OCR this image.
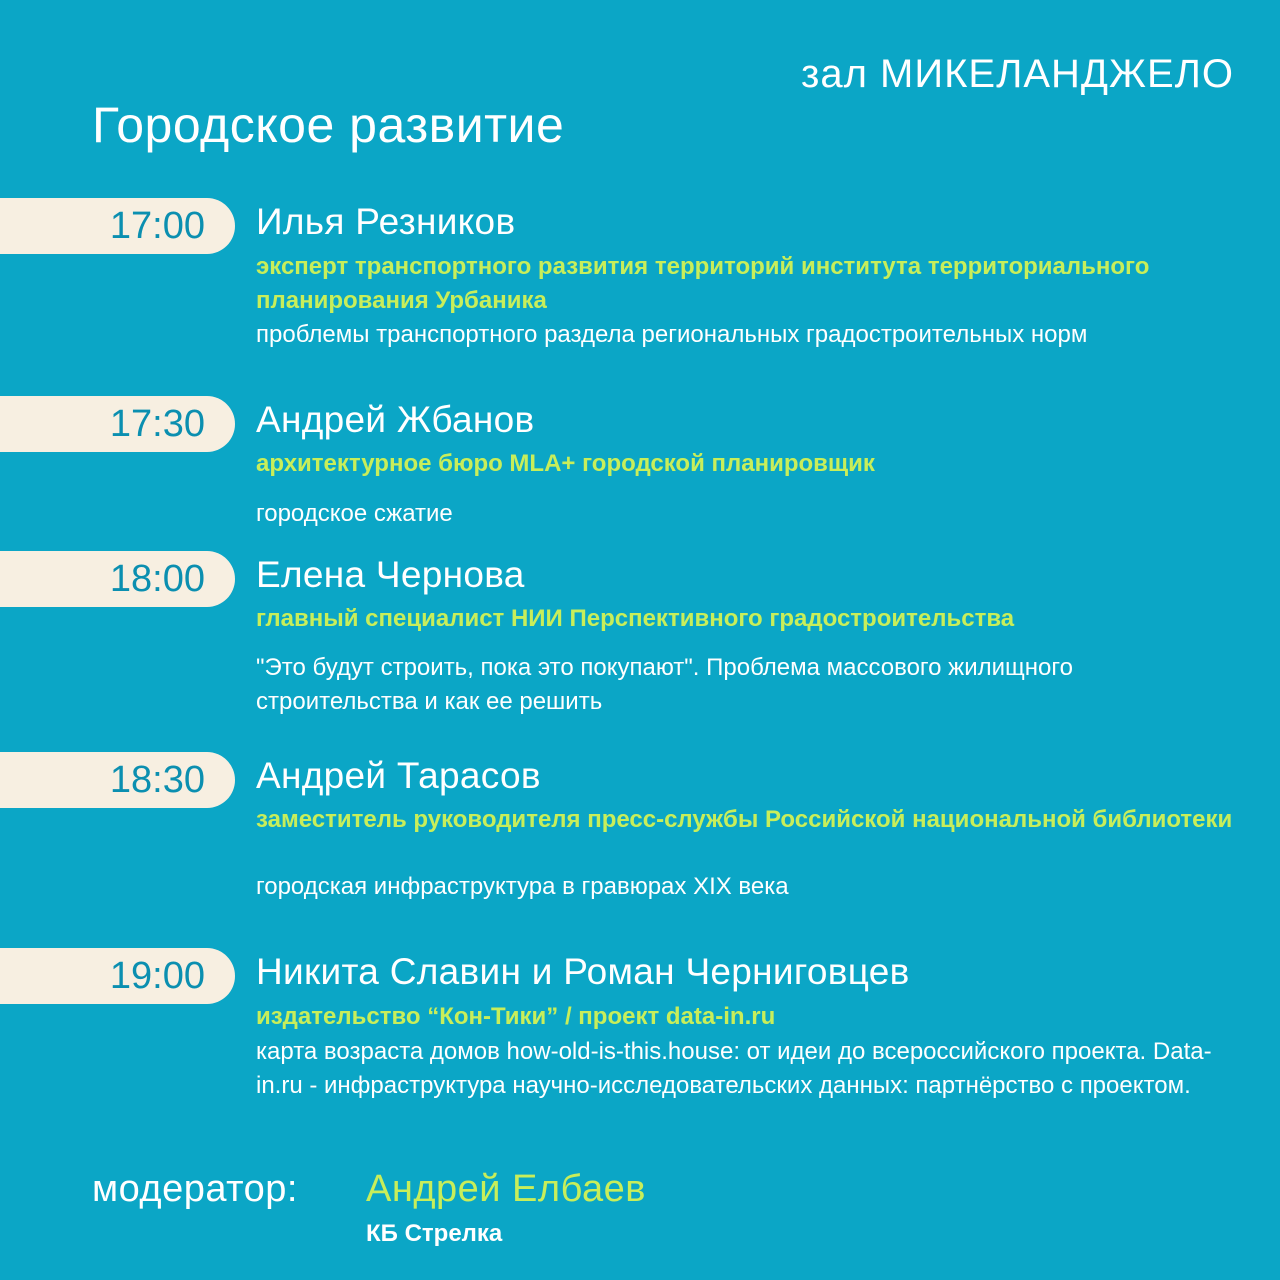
зал МИКЕЛАНДЖЕЛО
Городское развитие
17:00 Илья Резников
эксперт транспортного развития территорий института территориального планирования Урбаника
проблемы транспортного раздела региональных градостроительных норм
17:30 Андрей Жбанов
архитектурное бюро MLA+ городской планировщик
городское сжатие
18:00 Елена Чернова
главный специалист НИИ Перспективного градостроительства
"Это будут строить, пока это покупают". Проблема массового жилищного строительства и как ее решить
18:30 Андрей Тарасов
заместитель руководителя пресс-службы Российской национальной библиотеки
городская инфраструктура в гравюрах XIX века
19:00 Никита Славин и Роман Черниговцев
издательство “Кон-Тики” / проект data-in.ru
карта возраста домов how-old-is-this.house: от идеи до всероссийского проекта. Data-in.ru - инфраструктура научно-исследовательских данных: партнёрство с проектом.
модератор: Андрей Елбаев
КБ Стрелка
